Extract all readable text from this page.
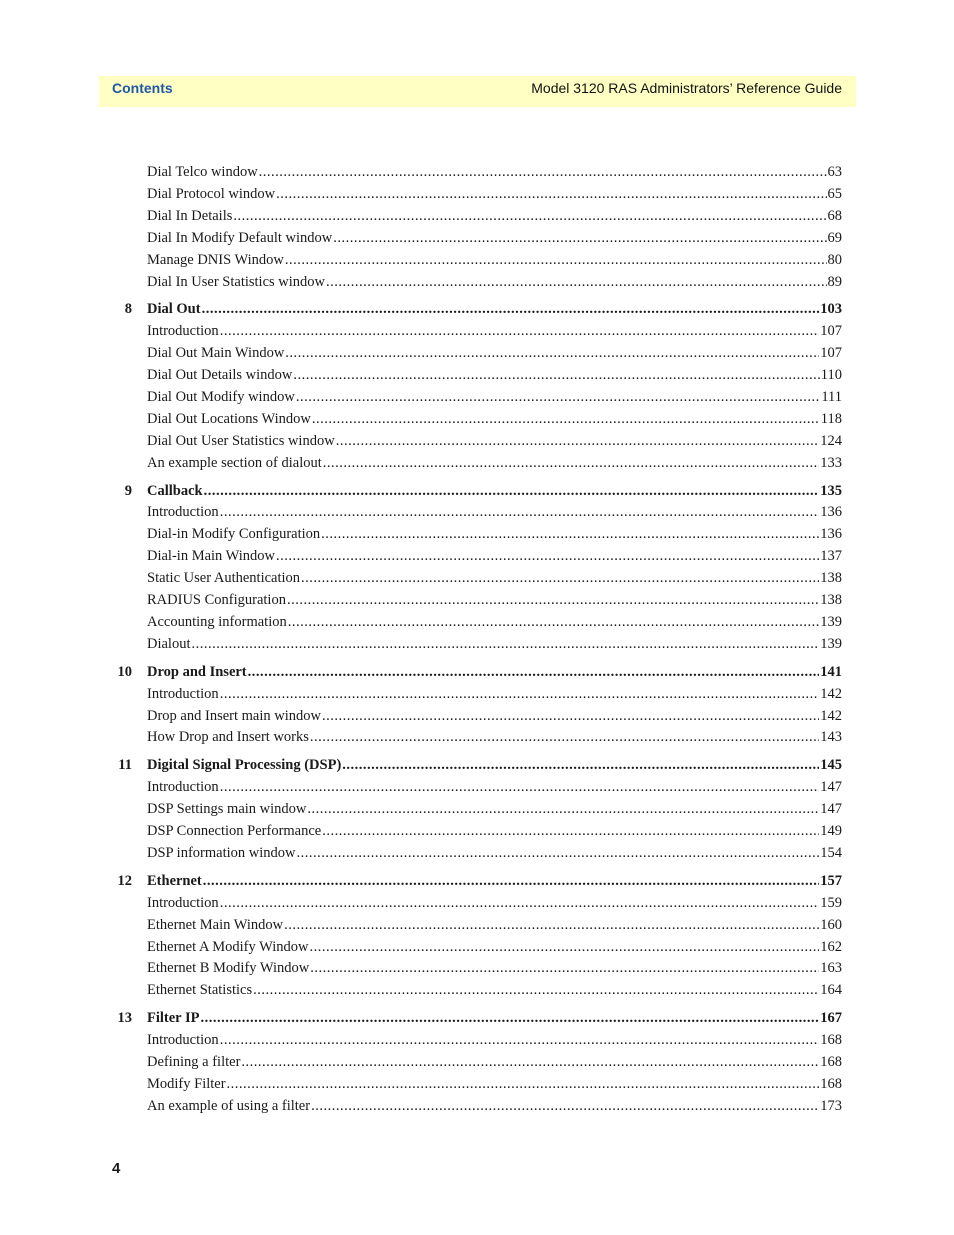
Contents	Model 3120 RAS Administrators’ Reference Guide
Dial Telco window .....	63
Dial Protocol window .....	65
Dial In Details .....	68
Dial In Modify Default window .....	69
Manage DNIS Window .....	80
Dial In User Statistics window .....	89
8 Dial Out .....	103
Introduction .....	107
Dial Out Main Window .....	107
Dial Out Details window .....	110
Dial Out Modify window .....	111
Dial Out Locations Window .....	118
Dial Out User Statistics window .....	124
An example section of dialout .....	133
9 Callback .....	135
Introduction .....	136
Dial-in Modify Configuration .....	136
Dial-in Main Window .....	137
Static User Authentication .....	138
RADIUS Configuration .....	138
Accounting information .....	139
Dialout .....	139
10 Drop and Insert .....	141
Introduction .....	142
Drop and Insert main window .....	142
How Drop and Insert works .....	143
11 Digital Signal Processing (DSP) .....	145
Introduction .....	147
DSP Settings main window .....	147
DSP Connection Performance .....	149
DSP information window .....	154
12 Ethernet .....	157
Introduction .....	159
Ethernet Main Window .....	160
Ethernet A Modify Window .....	162
Ethernet B Modify Window .....	163
Ethernet Statistics .....	164
13 Filter IP .....	167
Introduction .....	168
Defining a filter .....	168
Modify Filter .....	168
An example of using a filter .....	173
4
